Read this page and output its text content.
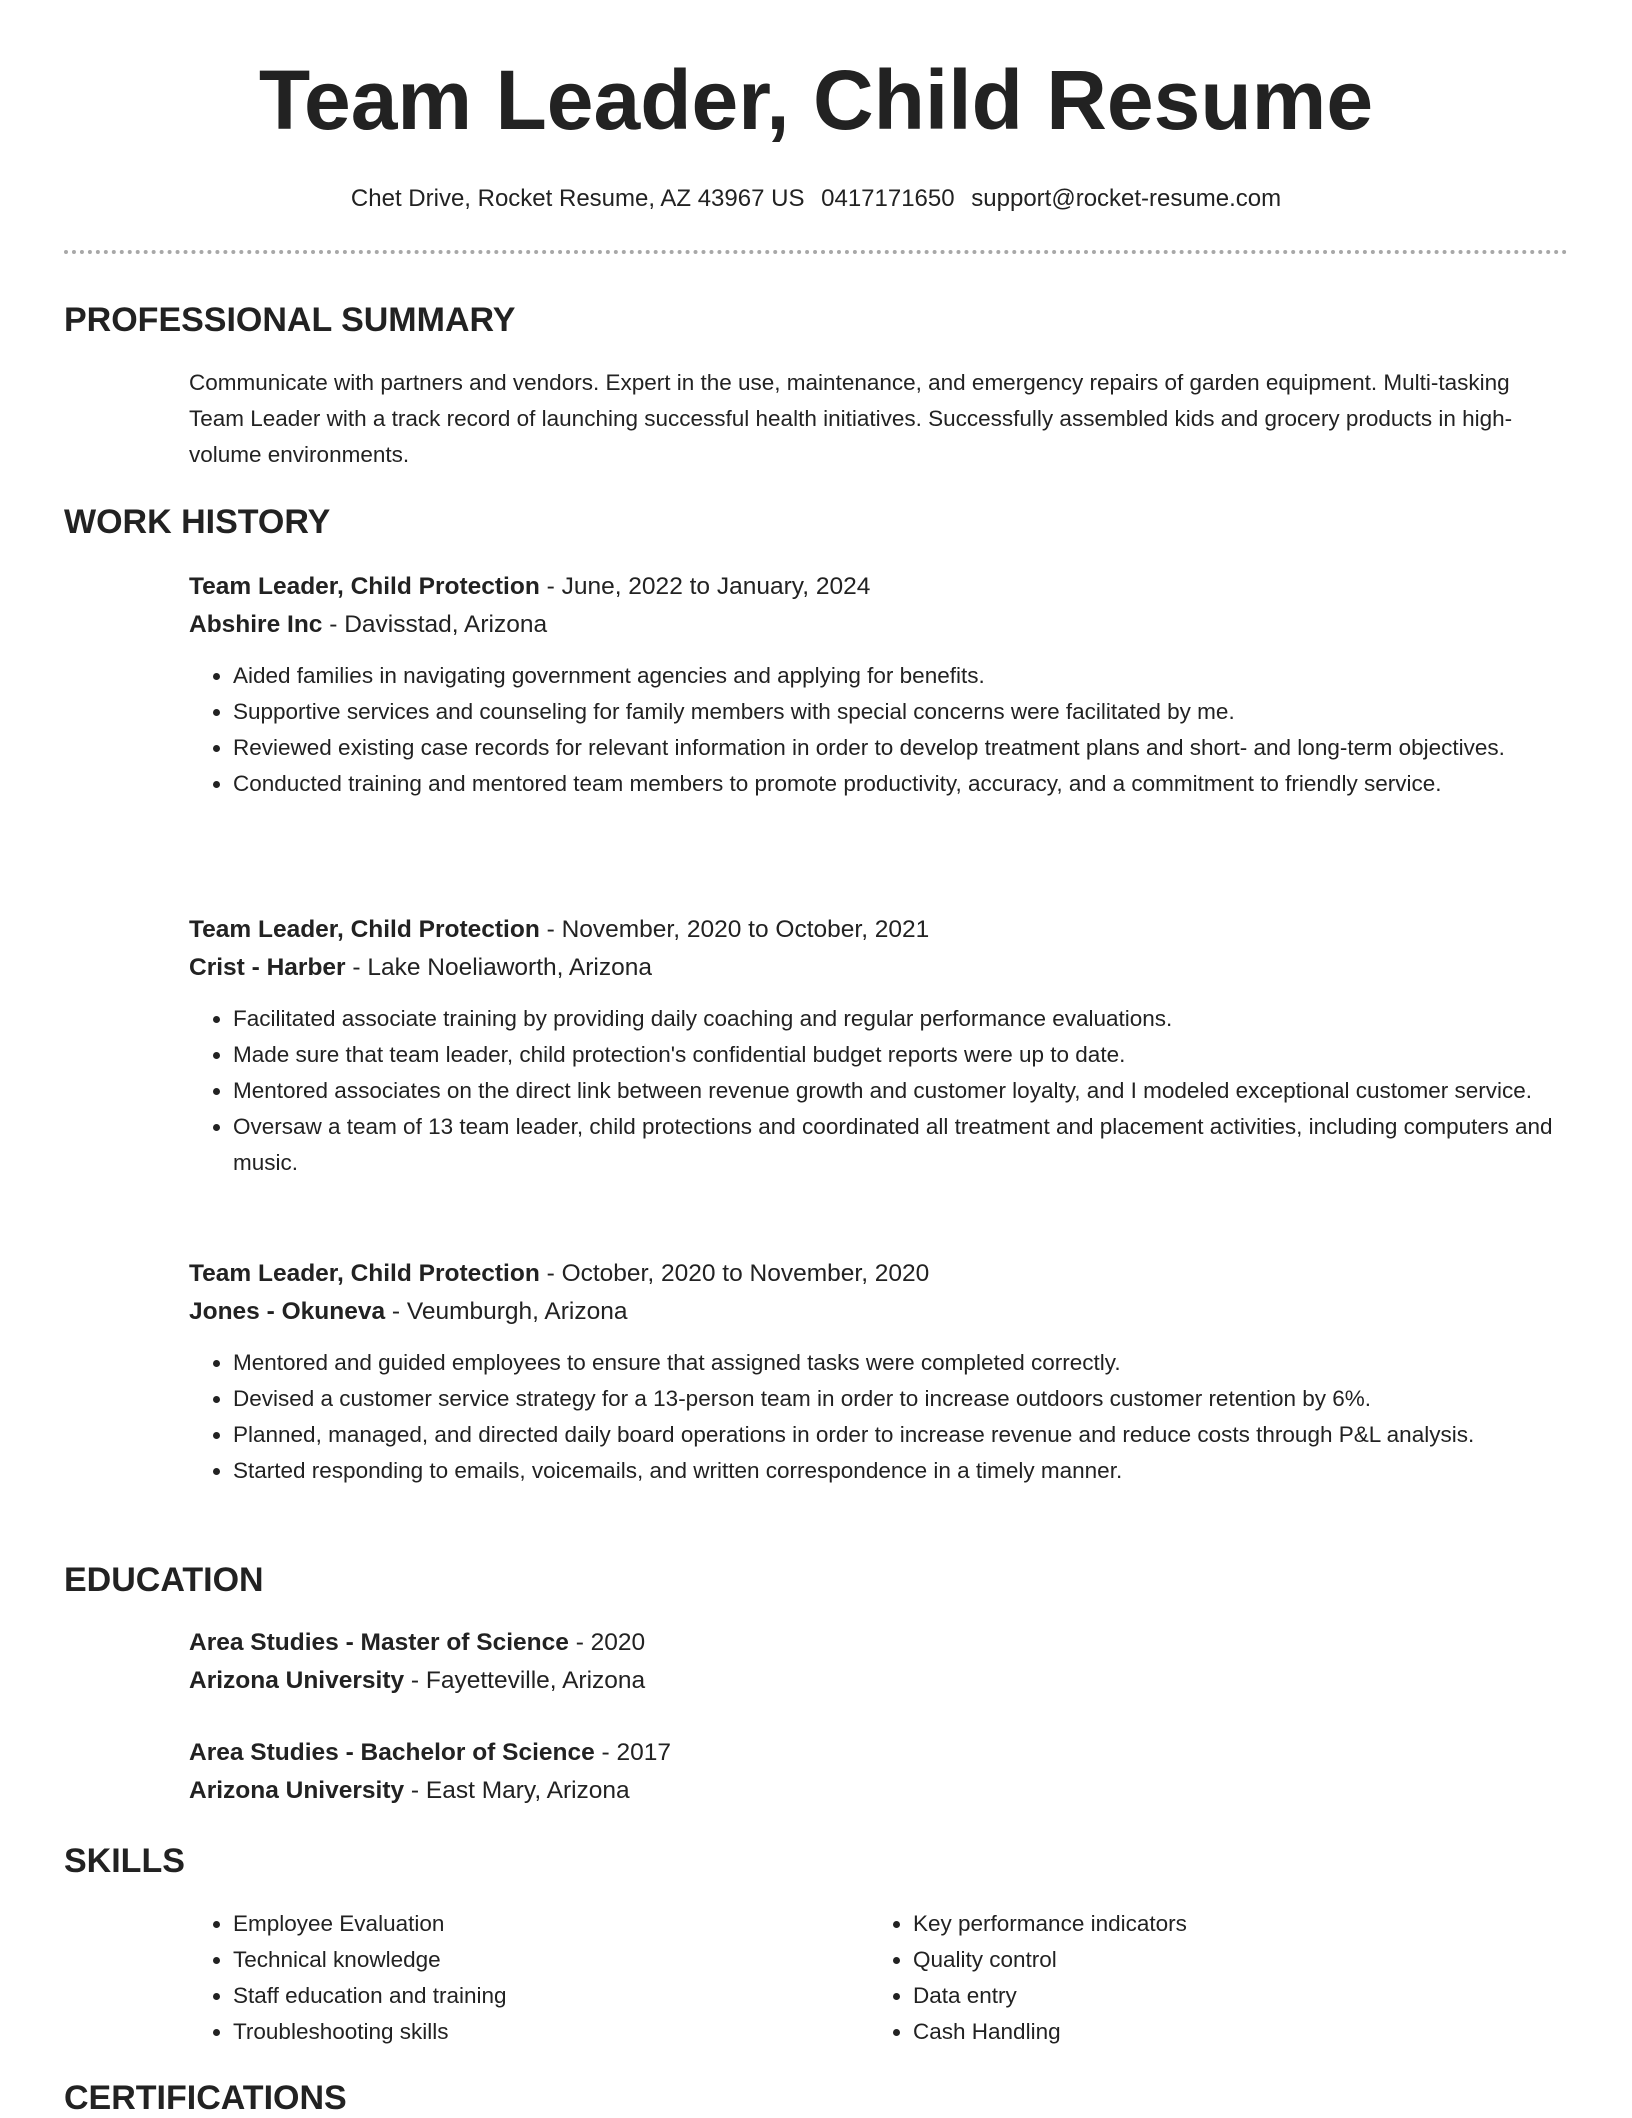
Team Leader, Child Resume
Chet Drive, Rocket Resume, AZ 43967 US 0417171650 support@rocket-resume.com
PROFESSIONAL SUMMARY

Communicate with partners and vendors. Expert in the use, maintenance, and emergency repairs of garden equipment. Multi-tasking Team Leader with a track record of launching successful health initiatives. Successfully assembled kids and grocery products in high-volume environments.

WORK HISTORY
Team Leader, Child Protection - June, 2022 to January, 2024
Abshire Inc - Davisstad, Arizona
• Aided families in navigating government agencies and applying for benefits.
• Supportive services and counseling for family members with special concerns were facilitated by me.
• Reviewed existing case records for relevant information in order to develop treatment plans and short- and long-term objectives.
• Conducted training and mentored team members to promote productivity, accuracy, and a commitment to friendly service.
Team Leader, Child Protection - November, 2020 to October, 2021
Crist - Harber - Lake Noeliaworth, Arizona
• Facilitated associate training by providing daily coaching and regular performance evaluations.
• Made sure that team leader, child protection's confidential budget reports were up to date.
• Mentored associates on the direct link between revenue growth and customer loyalty, and I modeled exceptional customer service.
• Oversaw a team of 13 team leader, child protections and coordinated all treatment and placement activities, including computers and music.
Team Leader, Child Protection - October, 2020 to November, 2020
Jones - Okuneva - Veumburgh, Arizona
• Mentored and guided employees to ensure that assigned tasks were completed correctly.
• Devised a customer service strategy for a 13-person team in order to increase outdoors customer retention by 6%.
• Planned, managed, and directed daily board operations in order to increase revenue and reduce costs through P&L analysis.
• Started responding to emails, voicemails, and written correspondence in a timely manner.
EDUCATION
Area Studies - Master of Science - 2020
Arizona University - Fayetteville, Arizona
Area Studies - Bachelor of Science - 2017
Arizona University - East Mary, Arizona
SKILLS
• Employee Evaluation
• Technical knowledge
• Staff education and training
• Troubleshooting skills
• Key performance indicators
• Quality control
• Data entry
• Cash Handling
CERTIFICATIONS
